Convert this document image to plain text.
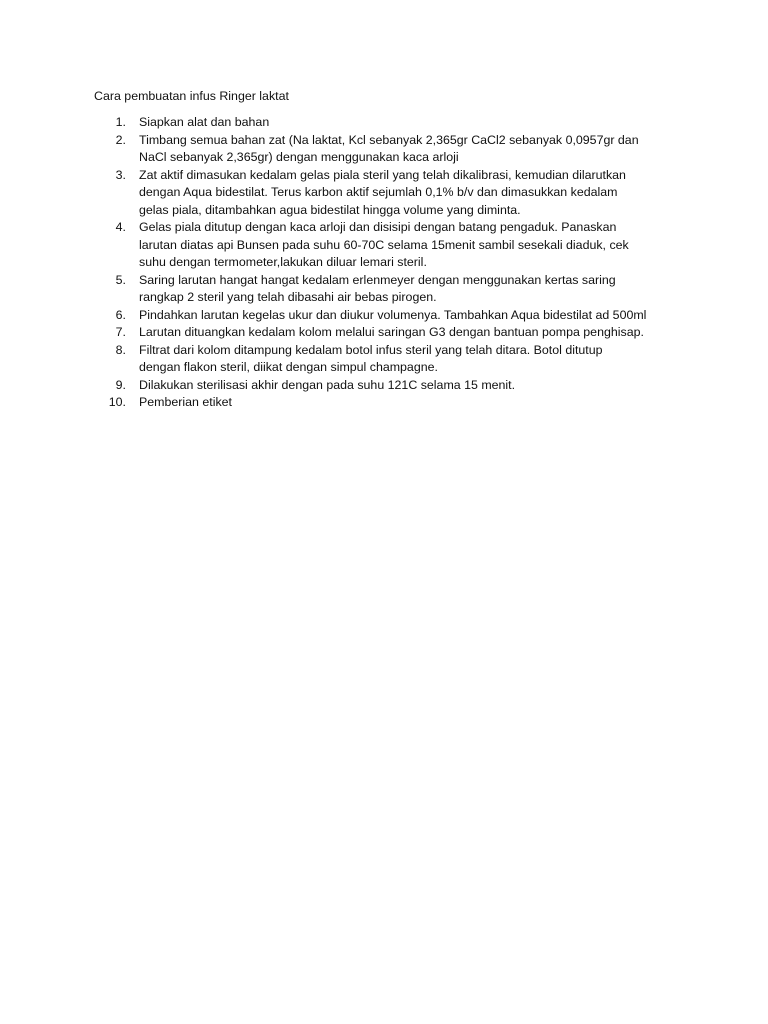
Cara pembuatan infus Ringer laktat
1. Siapkan alat dan bahan
2. Timbang semua bahan zat (Na laktat, Kcl sebanyak 2,365gr CaCl2 sebanyak 0,0957gr dan
NaCl sebanyak 2,365gr) dengan menggunakan kaca arloji
3. Zat aktif dimasukan kedalam gelas piala steril yang telah dikalibrasi, kemudian dilarutkan
dengan Aqua bidestilat. Terus karbon aktif sejumlah 0,1% b/v dan dimasukkan kedalam
gelas piala, ditambahkan agua bidestilat hingga volume yang diminta.
4. Gelas piala ditutup dengan kaca arloji dan disisipi dengan batang pengaduk. Panaskan
larutan diatas api Bunsen pada suhu 60-70C selama 15menit sambil sesekali diaduk, cek
suhu dengan termometer,lakukan diluar lemari steril.
5. Saring larutan hangat hangat kedalam erlenmeyer dengan menggunakan kertas saring
rangkap 2 steril yang telah dibasahi air bebas pirogen.
6. Pindahkan larutan kegelas ukur dan diukur volumenya. Tambahkan Aqua bidestilat ad 500ml
7. Larutan dituangkan kedalam kolom melalui saringan G3 dengan bantuan pompa penghisap.
8. Filtrat dari kolom ditampung kedalam botol infus steril yang telah ditara. Botol ditutup
dengan flakon steril, diikat dengan simpul champagne.
9. Dilakukan sterilisasi akhir dengan pada suhu 121C selama 15 menit.
10. Pemberian etiket
